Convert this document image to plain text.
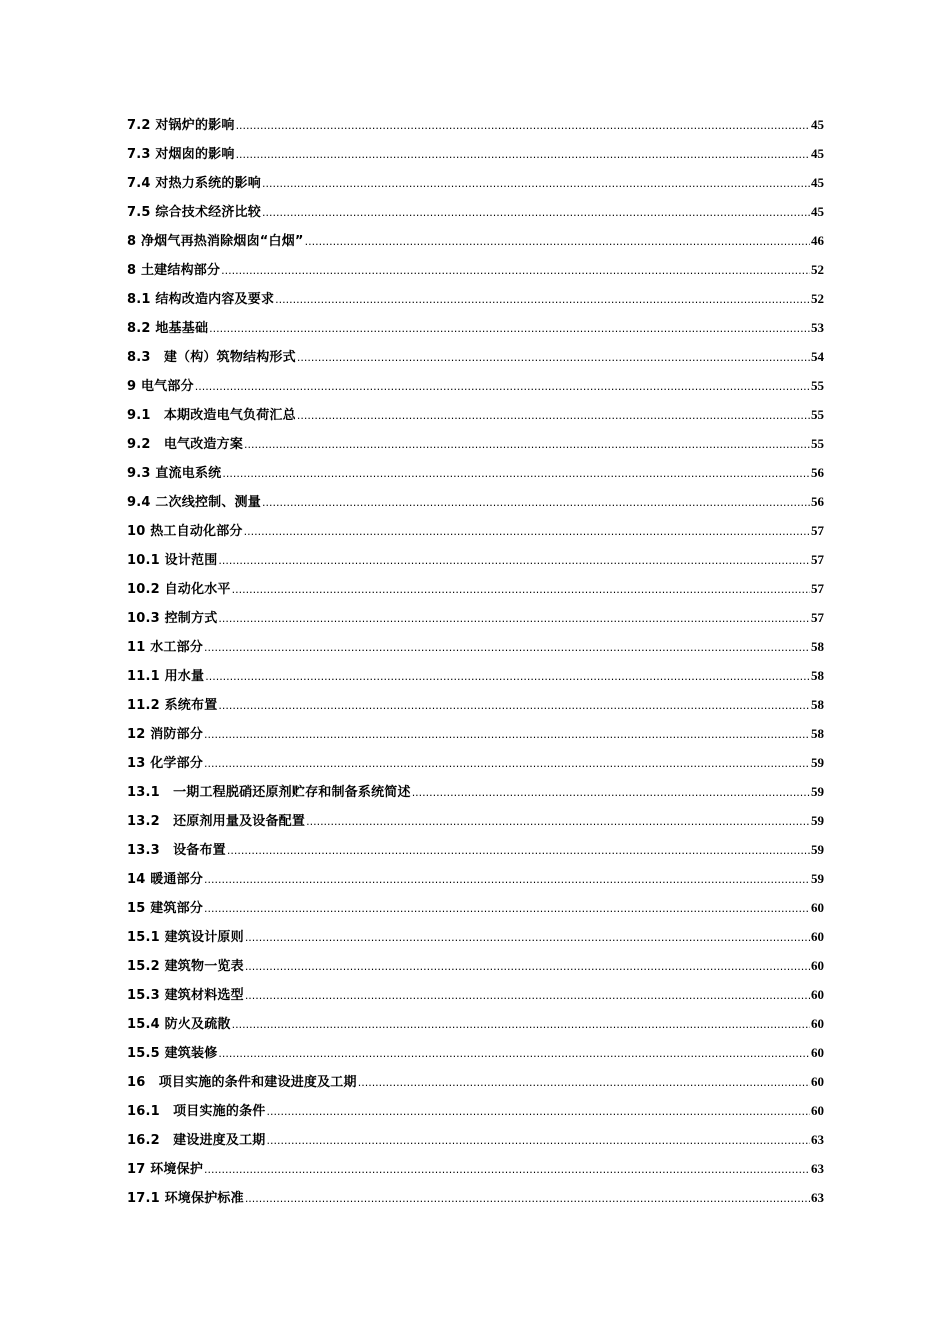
7.2 对锅炉的影响 .....	45
7.3 对烟囱的影响 .....	45
7.4 对热力系统的影响 .....	45
7.5 综合技术经济比较 .....	45
8 净烟气再热消除烟囱“白烟” .....	46
8 土建结构部分 .....	52
8.1 结构改造内容及要求 .....	52
8.2 地基基础 .....	53
8.3　建（构）筑物结构形式 .....	54
9 电气部分 .....	55
9.1　本期改造电气负荷汇总 .....	55
9.2　电气改造方案 .....	55
9.3 直流电系统 .....	56
9.4 二次线控制、测量 .....	56
10 热工自动化部分 .....	57
10.1 设计范围 .....	57
10.2 自动化水平 .....	57
10.3 控制方式 .....	57
11 水工部分 .....	58
11.1 用水量 .....	58
11.2 系统布置 .....	58
12 消防部分 .....	58
13 化学部分 .....	59
13.1　一期工程脱硝还原剂贮存和制备系统简述 .....	59
13.2　还原剂用量及设备配置 .....	59
13.3　设备布置 .....	59
14 暖通部分 .....	59
15 建筑部分 .....	60
15.1 建筑设计原则 .....	60
15.2 建筑物一览表 .....	60
15.3 建筑材料选型 .....	60
15.4 防火及疏散 .....	60
15.5 建筑装修 .....	60
16　项目实施的条件和建设进度及工期 .....	60
16.1　项目实施的条件 .....	60
16.2　建设进度及工期 .....	63
17 环境保护 .....	63
17.1 环境保护标准 .....	63
